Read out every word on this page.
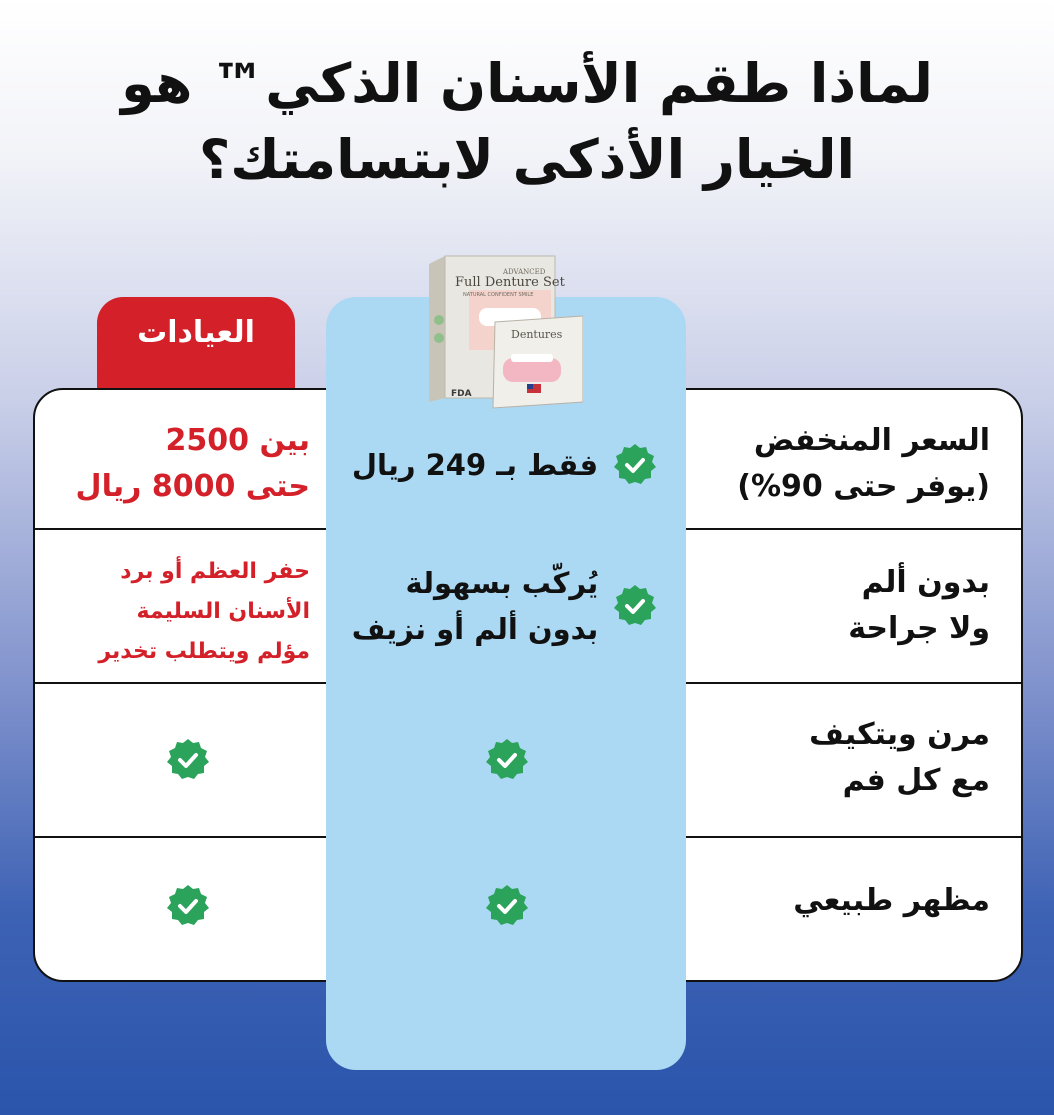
لماذا طقم الأسنان الذكي™ هو
الخيار الأذكى لابتسامتك؟
العيادات
ADVANCED
Full Denture Set
NATURAL CONFIDENT SMILE
Dentures
FDA
السعر المنخفض
(يوفر حتى 90%)
فقط بـ 249 ريال
بين 2500
حتى 8000 ريال
بدون ألم
ولا جراحة
يُركّب بسهولة
بدون ألم أو نزيف
حفر العظم أو برد
الأسنان السليمة
مؤلم ويتطلب تخدير
مرن ويتكيف
مع كل فم
مظهر طبيعي
